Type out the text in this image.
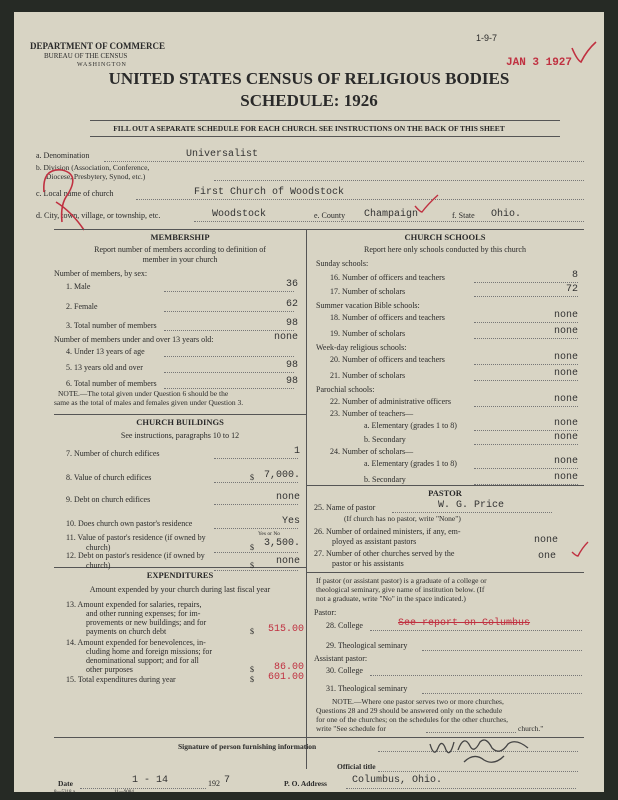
DEPARTMENT OF COMMERCE
BUREAU OF THE CENSUS
WASHINGTON
1-9-7
JAN 3 1927
UNITED STATES CENSUS OF RELIGIOUS BODIES
SCHEDULE: 1926
FILL OUT A SEPARATE SCHEDULE FOR EACH CHURCH. SEE INSTRUCTIONS ON THE BACK OF THIS SHEET
a. Denomination	Universalist
b. Division (Association, Conference,
Diocese, Presbytery, Synod, etc.)
c. Local name of church	First Church of Woodstock
d. City, town, village, or township, etc.	Woodstock	e. County Champaign	f. State Ohio.
MEMBERSHIP
Report number of members according to definition of
member in your church
Number of members, by sex:
NOTE.—The total given under Question 6 should be the
same as the total of males and females given under Question 3.
CHURCH BUILDINGS
See instructions, paragraphs 10 to 12
Yes or No
EXPENDITURES
Amount expended by your church during last fiscal year
CHURCH SCHOOLS
Report here only schools conducted by this church
PASTOR
25. Name of pastor	W. G. Price
(If church has no pastor, write "None")
26. Number of ordained ministers, if any, em-
ployed as assistant pastors	none
27. Number of other churches served by the
pastor or his assistants
one
If pastor (or assistant pastor) is a graduate of a college or
theological seminary, give name of institution below. (If
not a graduate, write "No" in the space indicated.)
Pastor:
28. College	See report on Columbus
29. Theological seminary
Assistant pastor:
30. College
31. Theological seminary
NOTE.—Where one pastor serves two or more churches,
Questions 28 and 29 should be answered only on the schedule
for one of the churches; on the schedules for the other churches,
write "See schedule for	church."
Signature of person furnishing information
Official title
Date	1 - 14	192 7	P. O. Address	Columbus, Ohio.
8—5318 a	11—9084
1. Male	36
2. Female	62
3. Total number of members	98
Number of members under and over 13 years old:	none
4. Under 13 years of age
5. 13 years old and over	98
6. Total number of members	98
7. Number of church edifices	1
8. Value of church edifices	$ 7,000.
9. Debt on church edifices	none
10. Does church own pastor's residence	Yes
11. Value of pastor's residence (if owned by
church)	$ 3,500.
12. Debt on pastor's residence (if owned by
church)	$	none
13. Amount expended for salaries, repairs,
and other running expenses; for im-
provements or new buildings; and for
payments on church debt	$	515.00
14. Amount expended for benevolences, in-
cluding home and foreign missions; for
denominational support; and for all
other purposes	$	86.00
15. Total expenditures during year	$	601.00
Sunday schools:
16. Number of officers and teachers	8
17. Number of scholars	72
Summer vacation Bible schools:
18. Number of officers and teachers	none
19. Number of scholars	none
Week-day religious schools:
20. Number of officers and teachers	none
21. Number of scholars	none
Parochial schools:
22. Number of administrative officers	none
23. Number of teachers—
a. Elementary (grades 1 to 8)	none
b. Secondary	none
24. Number of scholars—
a. Elementary (grades 1 to 8)	none
b. Secondary	none
